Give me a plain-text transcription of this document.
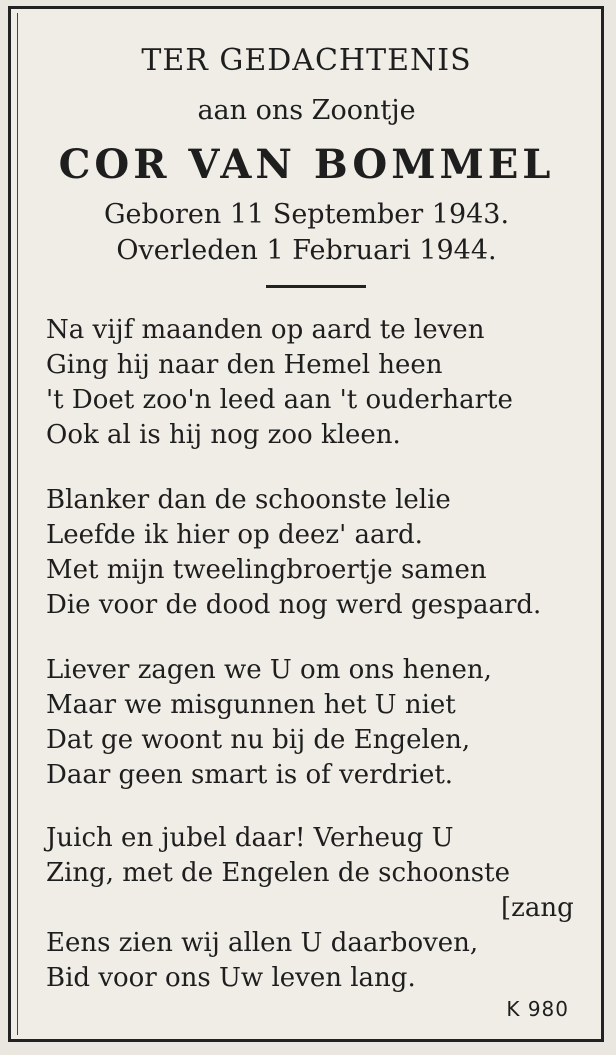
TER GEDACHTENIS
aan ons Zoontje
COR VAN BOMMEL
Geboren 11 September 1943.
Overleden 1 Februari 1944.
Na vijf maanden op aard te leven
Ging hij naar den Hemel heen
't Doet zoo'n leed aan 't ouderharte
Ook al is hij nog zoo kleen.
Blanker dan de schoonste lelie
Leefde ik hier op deez' aard.
Met mijn tweelingbroertje samen
Die voor de dood nog werd gespaard.
Liever zagen we U om ons henen,
Maar we misgunnen het U niet
Dat ge woont nu bij de Engelen,
Daar geen smart is of verdriet.
Juich en jubel daar! Verheug U
Zing, met de Engelen de schoonste
[zang
Eens zien wij allen U daarboven,
Bid voor ons Uw leven lang.
K 980
